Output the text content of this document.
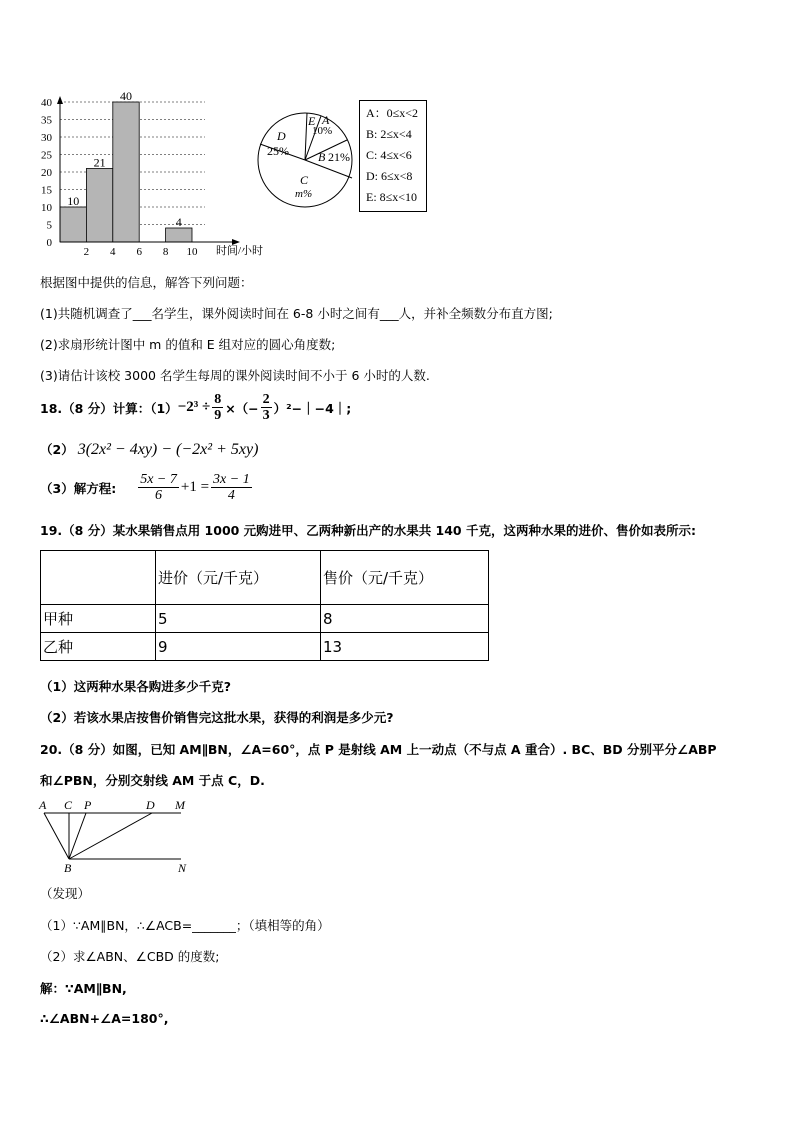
40
35
30
25
20
15
10
5
0
2 4 6 8 10
10
21
40
4
时间/小时
D
25%
E A
10%
B 21%
C
m%
A：0≤x<2
B: 2≤x<4
C: 4≤x<6
D: 6≤x<8
E: 8≤x<10
根据图中提供的信息，解答下列问题：
(1)共随机调查了___名学生，课外阅读时间在 6-8 小时之间有___人，并补全频数分布直方图;
(2)求扇形统计图中 m 的值和 E 组对应的圆心角度数;
(3)请估计该校 3000 名学生每周的课外阅读时间不小于 6 小时的人数.
18.（8 分）计算：$(1) -2^3 \div \frac{8}{9}$ ×（− $\frac{2}{3}$ ）²−｜−4｜;
（2） 3(2x² − 4xy) − (−2x² + 5xy)
（3）解方程: $\frac{5x - 7}{6} +1 = \frac{3x - 1}{4}$
19.（8 分）某水果销售点用 1000 元购进甲、乙两种新出产的水果共 140 千克，这两种水果的进价、售价如表所示:
	进价（元/千克）	售价（元/千克）
甲种	5	8
乙种	9	13
（1）这两种水果各购进多少千克?
（2）若该水果店按售价销售完这批水果，获得的利润是多少元?
20.（8 分）如图，已知 AM∥BN，∠A=60°，点 P 是射线 AM 上一动点（不与点 A 重合）. BC、BD 分别平分∠ABP
和∠PBN，分别交射线 AM 于点 C，D.
A C P	D M
B	N
（发现）
（1）∵AM∥BN，∴∠ACB=_______；（填相等的角）
（2）求∠ABN、∠CBD 的度数;
解：∵AM∥BN,
∴∠ABN+∠A=180°,
